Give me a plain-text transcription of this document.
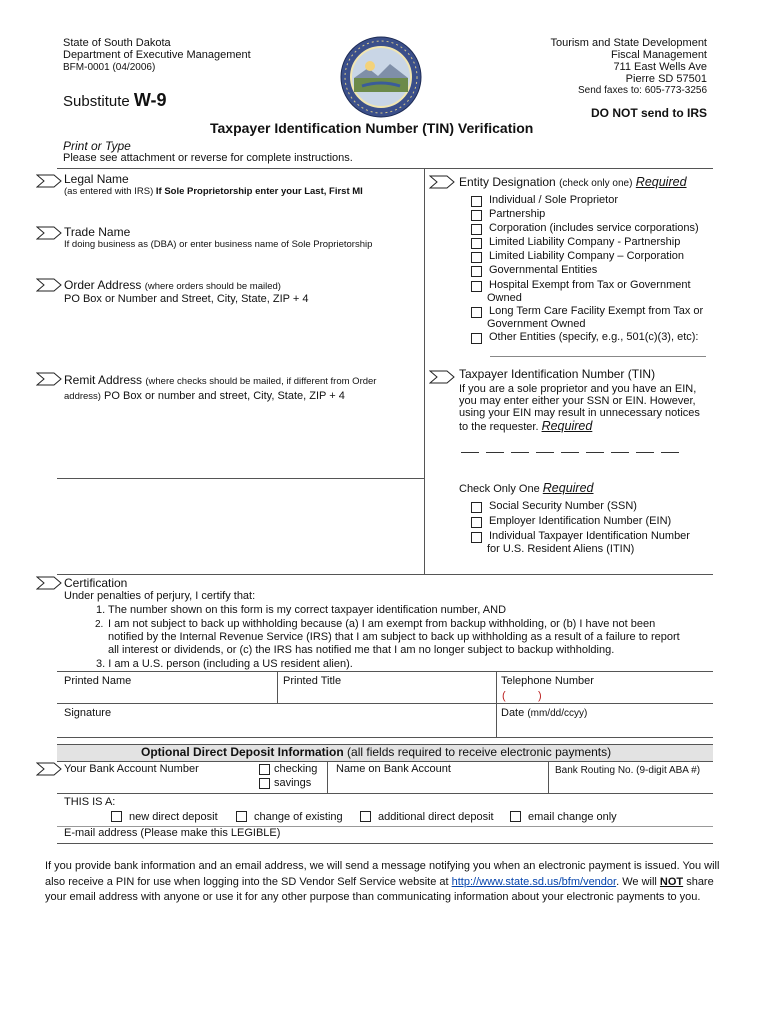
State of South Dakota
Department of Executive Management
BFM-0001 (04/2006)
Tourism and State Development
Fiscal Management
711 East Wells Ave
Pierre SD 57501
Send faxes to: 605-773-3256
Substitute W-9
DO NOT send to IRS
Taxpayer Identification Number (TIN) Verification
Print or Type
Please see attachment or reverse for complete instructions.
Legal Name
(as entered with IRS) If Sole Proprietorship enter your Last, First MI
Trade Name
If doing business as (DBA) or enter business name of Sole Proprietorship
Order Address (where orders should be mailed)
PO Box or Number and Street, City, State, ZIP + 4
Remit Address (where checks should be mailed, if different from Order
address) PO Box or number and street, City, State, ZIP + 4
Entity Designation (check only one) Required
Individual / Sole Proprietor
Partnership
Corporation (includes service corporations)
Limited Liability Company - Partnership
Limited Liability Company – Corporation
Governmental Entities
Hospital Exempt from Tax or Government
Owned
Long Term Care Facility Exempt from Tax or
Government Owned
Other Entities (specify, e.g., 501(c)(3), etc):
Taxpayer Identification Number (TIN)
If you are a sole proprietor and you have an EIN,
you may enter either your SSN or EIN. However,
using your EIN may result in unnecessary notices
to the requester. Required
Check Only One Required
Social Security Number (SSN)
Employer Identification Number (EIN)
Individual Taxpayer Identification Number
for U.S. Resident Aliens (ITIN)
Certification
Under penalties of perjury, I certify that:
1. The number shown on this form is my correct taxpayer identification number, AND
2. I am not subject to back up withholding because (a) I am exempt from backup withholding, or (b) I have not been
notified by the Internal Revenue Service (IRS) that I am subject to back up withholding as a result of a failure to report
all interest or dividends, or (c) the IRS has notified me that I am no longer subject to backup withholding.
3. I am a U.S. person (including a US resident alien).
Printed Name	Printed Title	Telephone Number
(	)
Signature	Date (mm/dd/ccyy)
Optional Direct Deposit Information (all fields required to receive electronic payments)
Your Bank Account Number	checking
savings
Name on Bank Account	Bank Routing No. (9-digit ABA #)
THIS IS A:
new direct deposit	change of existing	additional direct deposit	email change only
E-mail address (Please make this LEGIBLE)
If you provide bank information and an email address, we will send a message notifying you when an electronic payment is issued. You will
also receive a PIN for use when logging into the SD Vendor Self Service website at http://www.state.sd.us/bfm/vendor. We will NOT share
your email address with anyone or use it for any other purpose than communicating information about your electronic payments to you.
